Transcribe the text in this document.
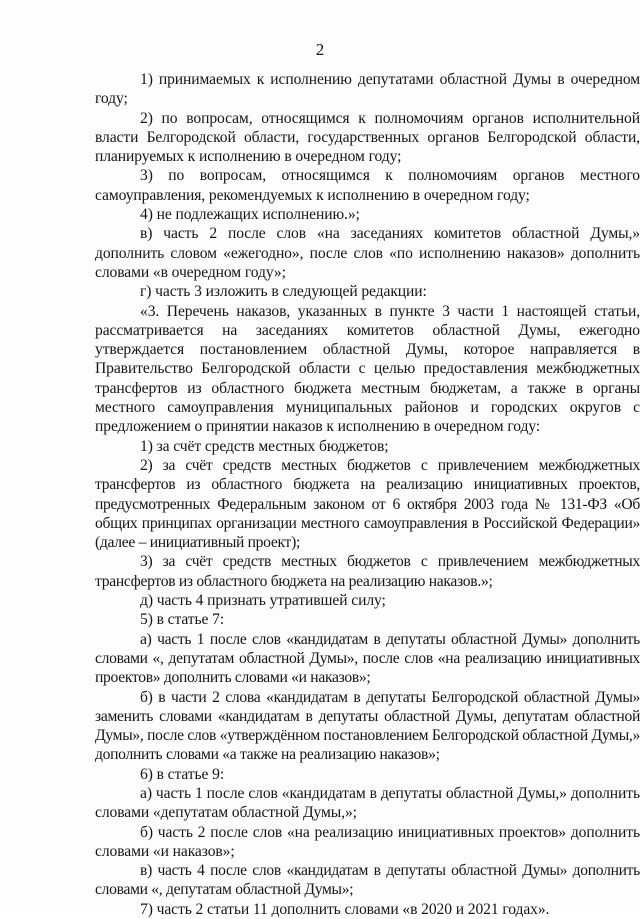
2

1) принимаемых к исполнению депутатами областной Думы в очередном году;

2) по вопросам, относящимся к полномочиям органов исполнительной власти Белгородской области, государственных органов Белгородской области, планируемых к исполнению в очередном году;

3) по вопросам, относящимся к полномочиям органов местного самоуправления, рекомендуемых к исполнению в очередном году;

4) не подлежащих исполнению.»;

в) часть 2 после слов «на заседаниях комитетов областной Думы,» дополнить словом «ежегодно», после слов «по исполнению наказов» дополнить словами «в очередном году»;

г) часть 3 изложить в следующей редакции:

«3. Перечень наказов, указанных в пункте 3 части 1 настоящей статьи, рассматривается на заседаниях комитетов областной Думы, ежегодно утверждается постановлением областной Думы, которое направляется в Правительство Белгородской области с целью предоставления межбюджетных трансфертов из областного бюджета местным бюджетам, а также в органы местного самоуправления муниципальных районов и городских округов с предложением о принятии наказов к исполнению в очередном году:

1) за счёт средств местных бюджетов;

2) за счёт средств местных бюджетов с привлечением межбюджетных трансфертов из областного бюджета на реализацию инициативных проектов, предусмотренных Федеральным законом от 6 октября 2003 года № 131-ФЗ «Об общих принципах организации местного самоуправления в Российской Федерации» (далее – инициативный проект);

3) за счёт средств местных бюджетов с привлечением межбюджетных трансфертов из областного бюджета на реализацию наказов.»;

д) часть 4 признать утратившей силу;

5) в статье 7:

а) часть 1 после слов «кандидатам в депутаты областной Думы» дополнить словами «, депутатам областной Думы», после слов «на реализацию инициативных проектов» дополнить словами «и наказов»;

б) в части 2 слова «кандидатам в депутаты Белгородской областной Думы» заменить словами «кандидатам в депутаты областной Думы, депутатам областной Думы», после слов «утверждённом постановлением Белгородской областной Думы,» дополнить словами «а также на реализацию наказов»;

6) в статье 9:

а) часть 1 после слов «кандидатам в депутаты областной Думы,» дополнить словами «депутатам областной Думы,»;

б) часть 2 после слов «на реализацию инициативных проектов» дополнить словами «и наказов»;

в) часть 4 после слов «кандидатам в депутаты областной Думы» дополнить словами «, депутатам областной Думы»;

7) часть 2 статьи 11 дополнить словами «в 2020 и 2021 годах».
